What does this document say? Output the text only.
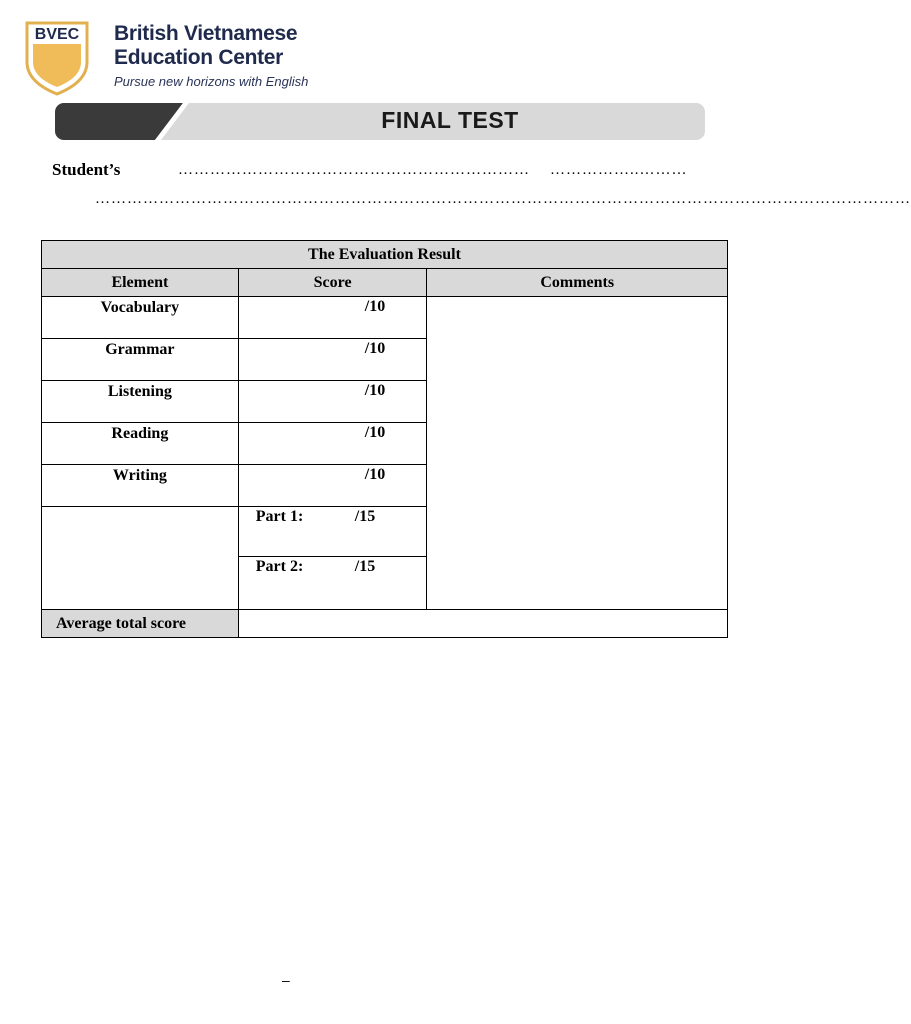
BVEC British Vietnamese
Education Center
Pursue new horizons with English
FINAL TEST
Student’s	………………………………………………………… ……………..………
………………………………………………………………………………………………………………………………………
The Evaluation Result		
Element	Score	Comments
Vocabulary	/10	

Grammar	/10	

Listening	/10	

Reading	/10	

Writing	/10	

	Part 1: /15	

	Part 2: /15	

Average total score		
–
